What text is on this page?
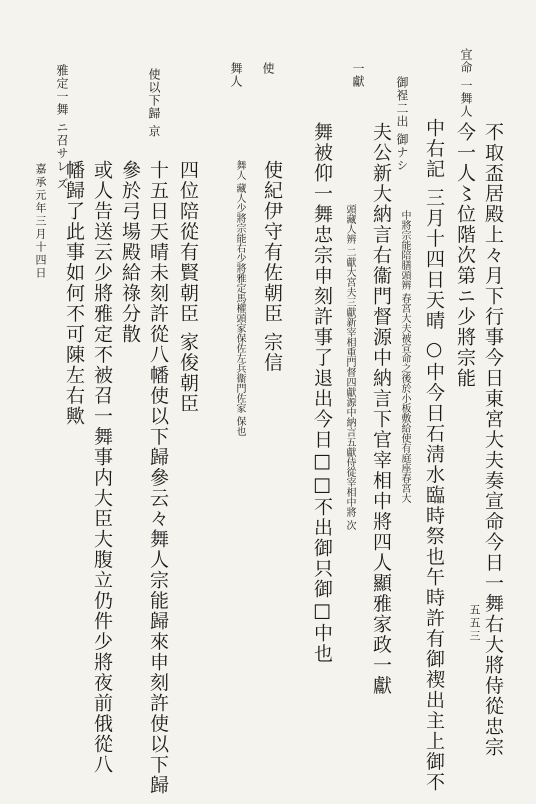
宜命 一舞人
御䄇二出 御ナシ
一獻
使
舞人
使以下歸 京
雅定一舞 ニ召サレ ズ	不取盃居殿上々月下行事今日東宮大夫奏宣命今日一舞右大將侍從忠宗
今一人〻位階次第ニ少將宗能
中右記 三月十四日天晴 ○中今日石淸水臨時祭也午時許有御禊出主上御不
中將宗能陪膳頭辨 春宮大夫被宣命之後於小板敷給使有庭座春宮大
夫公新大納言右衞門督源中納言下官宰相中將四人顯雅家政一獻
頭藏人辨 二獻大宮夫三獻新宰相重門督四獻源中納言五獻侍從宰相中將 次
舞被仰一舞忠宗申刻許事了退出今日□□不出御只御□中也
使紀伊守有佐朝臣 宗信
舞人 藏人少將宗能右少將雅定馬權頭家保佐左兵衞門佐家 保也
四位陪從有賢朝臣 家俊朝臣
十五日天晴未刻許從八幡使以下歸參云々舞人宗能歸來申刻許使以下歸
參於弓場殿給祿分散
或人告送云少將雅定不被召一舞事内大臣大腹立仍件少將夜前俄從八
幡歸了此事如何不可陳左右歟
嘉承元年三月十四日
五五三
